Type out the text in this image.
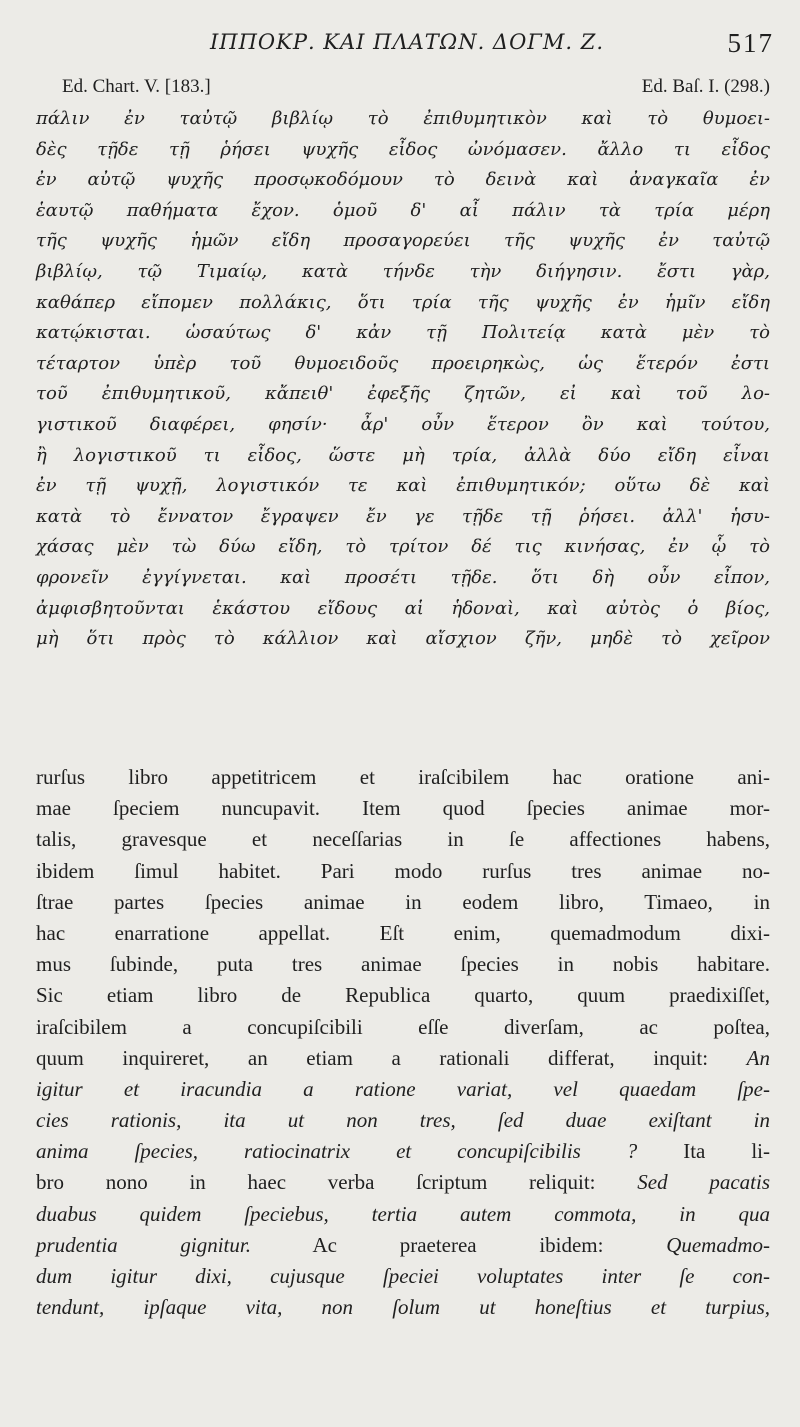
ΙΠΠΟΚΡ. ΚΑΙ ΠΛΑΤΩΝ. ΔΟΓΜ. Ζ.	517
Ed. Chart. V. [183.]	Ed. Baſ. I. (298.)
πάλιν ἐν ταὐτῷ βιβλίῳ τὸ ἐπιθυμητικὸν καὶ τὸ θυμοει-
δὲς τῇδε τῇ ῥήσει ψυχῆς εἶδος ὠνόμασεν. ἄλλο τι εἶδος
ἐν αὐτῷ ψυχῆς προσῳκοδόμουν τὸ δεινὰ καὶ ἀναγκαῖα ἐν
ἑαυτῷ παθήματα ἔχον. ὁμοῦ δ' αἶ πάλιν τὰ τρία μέρη
τῆς ψυχῆς ἡμῶν εἴδη προσαγορεύει τῆς ψυχῆς ἐν ταὐτῷ
βιβλίῳ, τῷ Τιμαίῳ, κατὰ τήνδε τὴν διήγησιν. ἔστι γὰρ,
καθάπερ εἴπομεν πολλάκις, ὅτι τρία τῆς ψυχῆς ἐν ἡμῖν εἴδη
κατῴκισται. ὡσαύτως δ' κἀν τῇ Πολιτείᾳ κατὰ μὲν τὸ
τέταρτον ὑπὲρ τοῦ θυμοειδοῦς προειρηκὼς, ὡς ἕτερόν ἐστι
τοῦ ἐπιθυμητικοῦ, κἄπειθ' ἐφεξῆς ζητῶν, εἰ καὶ τοῦ λο-
γιστικοῦ διαφέρει, φησίν· ἆρ' οὖν ἕτερον ὂν καὶ τούτου,
ἢ λογιστικοῦ τι εἶδος, ὥστε μὴ τρία, ἀλλὰ δύο εἴδη εἶναι
ἐν τῇ ψυχῇ, λογιστικόν τε καὶ ἐπιθυμητικόν; οὕτω δὲ καὶ
κατὰ τὸ ἔννατον ἔγραψεν ἔν γε τῇδε τῇ ῥήσει. ἀλλ' ἡσυ-
χάσας μὲν τὼ δύω εἴδη, τὸ τρίτον δέ τις κινήσας, ἐν ᾧ τὸ
φρονεῖν ἐγγίγνεται. καὶ προσέτι τῇδε. ὅτι δὴ οὖν εἶπον,
ἀμφισβητοῦνται ἑκάστου εἴδους αἱ ἡδοναὶ, καὶ αὐτὸς ὁ βίος,
μὴ ὅτι πρὸς τὸ κάλλιον καὶ αἴσχιον ζῆν, μηδὲ τὸ χεῖρον
rurſus libro appetitricem et iraſcibilem hac oratione ani-
mae ſpeciem nuncupavit. Item quod ſpecies animae mor-
talis, gravesque et neceſſarias in ſe affectiones habens,
ibidem ſimul habitet. Pari modo rurſus tres animae no-
ſtrae partes ſpecies animae in eodem libro, Timaeo, in
hac enarratione appellat. Eſt enim, quemadmodum dixi-
mus ſubinde, puta tres animae ſpecies in nobis habitare.
Sic etiam libro de Republica quarto, quum praedixiſſet,
iraſcibilem a concupiſcibili eſſe diverſam, ac poſtea,
quum inquireret, an etiam a rationali differat, inquit: An
igitur et iracundia a ratione variat, vel quaedam ſpe-
cies rationis, ita ut non tres, ſed duae exiſtant in
anima ſpecies, ratiocinatrix et concupiſcibilis ? Ita li-
bro nono in haec verba ſcriptum reliquit: Sed pacatis
duabus quidem ſpeciebus, tertia autem commota, in qua
prudentia gignitur. Ac praeterea ibidem: Quemadmo-
dum igitur dixi, cujusque ſpeciei voluptates inter ſe con-
tendunt, ipſaque vita, non ſolum ut honeſtius et turpius,
